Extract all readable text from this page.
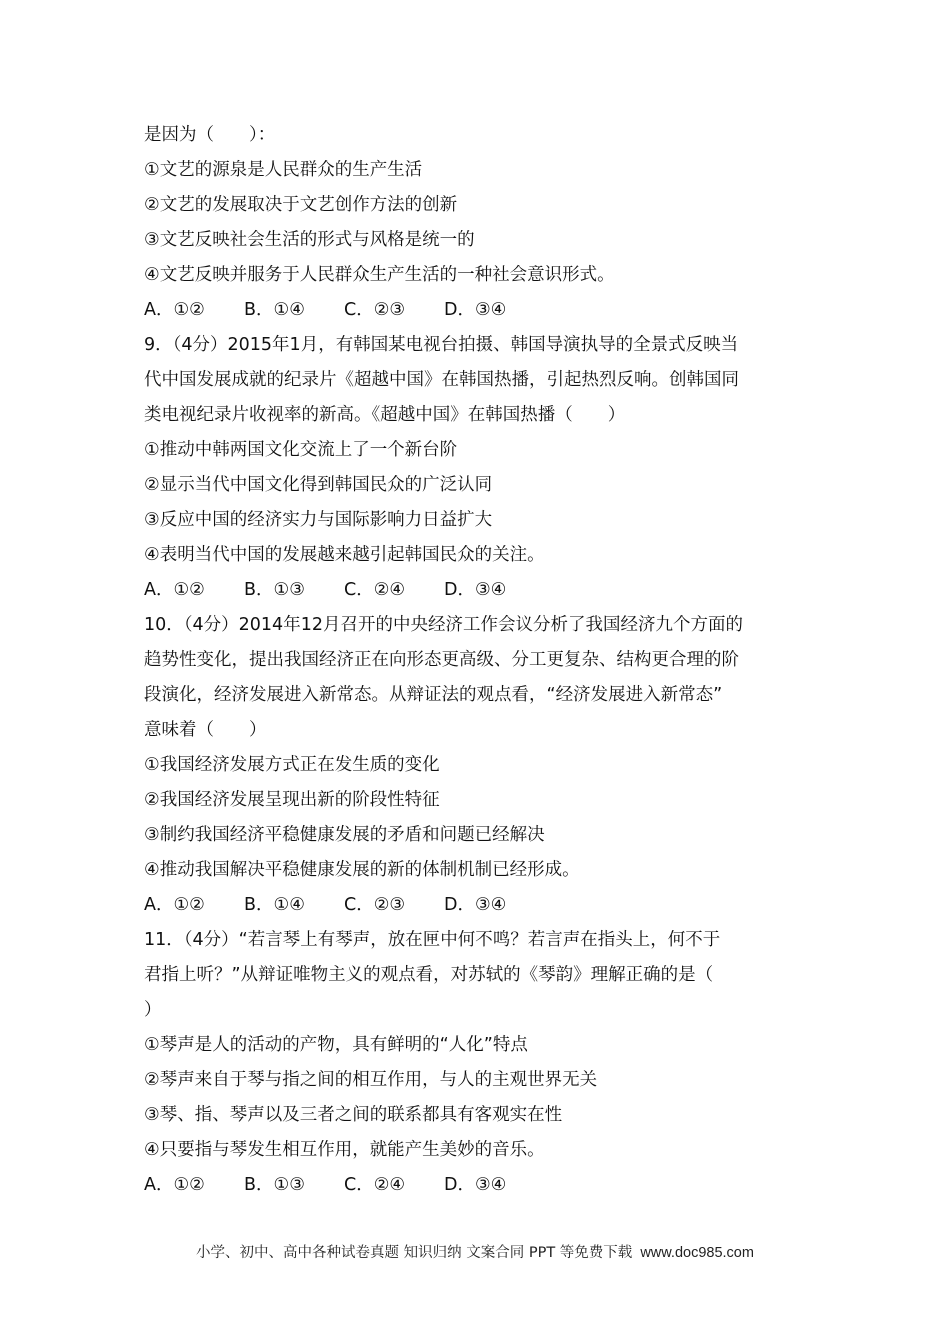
是因为（　　）：
①文艺的源泉是人民群众的生产生活
②文艺的发展取决于文艺创作方法的创新
③文艺反映社会生活的形式与风格是统一的
④文艺反映并服务于人民群众生产生活的一种社会意识形式。
A．①②	B．①④	C．②③	D．③④
9．（4分）2015年1月，有韩国某电视台拍摄、韩国导演执导的全景式反映当
代中国发展成就的纪录片《超越中国》在韩国热播，引起热烈反响。创韩国同
类电视纪录片收视率的新高。《超越中国》在韩国热播（　　）
①推动中韩两国文化交流上了一个新台阶
②显示当代中国文化得到韩国民众的广泛认同
③反应中国的经济实力与国际影响力日益扩大
④表明当代中国的发展越来越引起韩国民众的关注。
A．①②	B．①③	C．②④	D．③④
10．（4分）2014年12月召开的中央经济工作会议分析了我国经济九个方面的
趋势性变化，提出我国经济正在向形态更高级、分工更复杂、结构更合理的阶
段演化，经济发展进入新常态。从辩证法的观点看，“经济发展进入新常态”
意味着（　　）
①我国经济发展方式正在发生质的变化
②我国经济发展呈现出新的阶段性特征
③制约我国经济平稳健康发展的矛盾和问题已经解决
④推动我国解决平稳健康发展的新的体制机制已经形成。
A．①②	B．①④	C．②③	D．③④
11．（4分）“若言琴上有琴声，放在匣中何不鸣？若言声在指头上，何不于
君指上听？”从辩证唯物主义的观点看，对苏轼的《琴韵》理解正确的是（
）
①琴声是人的活动的产物，具有鲜明的“人化”特点
②琴声来自于琴与指之间的相互作用，与人的主观世界无关
③琴、指、琴声以及三者之间的联系都具有客观实在性
④只要指与琴发生相互作用，就能产生美妙的音乐。
A．①②	B．①③	C．②④	D．③④
小学、初中、高中各种试卷真题 知识归纳 文案合同 PPT 等免费下载 www.doc985.com
